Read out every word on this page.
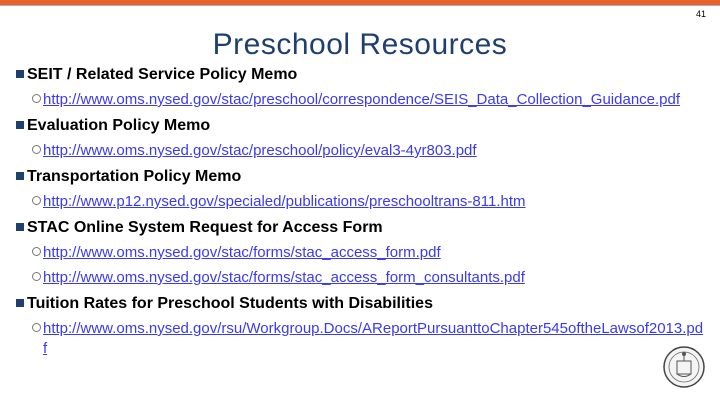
41
Preschool Resources
SEIT / Related Service Policy Memo
http://www.oms.nysed.gov/stac/preschool/correspondence/SEIS_Data_Collection_Guidance.pdf
Evaluation Policy Memo
http://www.oms.nysed.gov/stac/preschool/policy/eval3-4yr803.pdf
Transportation Policy Memo
http://www.p12.nysed.gov/specialed/publications/preschooltrans-811.htm
STAC Online System Request for Access Form
http://www.oms.nysed.gov/stac/forms/stac_access_form.pdf
http://www.oms.nysed.gov/stac/forms/stac_access_form_consultants.pdf
Tuition Rates for Preschool Students with Disabilities
http://www.oms.nysed.gov/rsu/Workgroup.Docs/AReportPursuanttoChapter545oftheLawsof2013.pdf
